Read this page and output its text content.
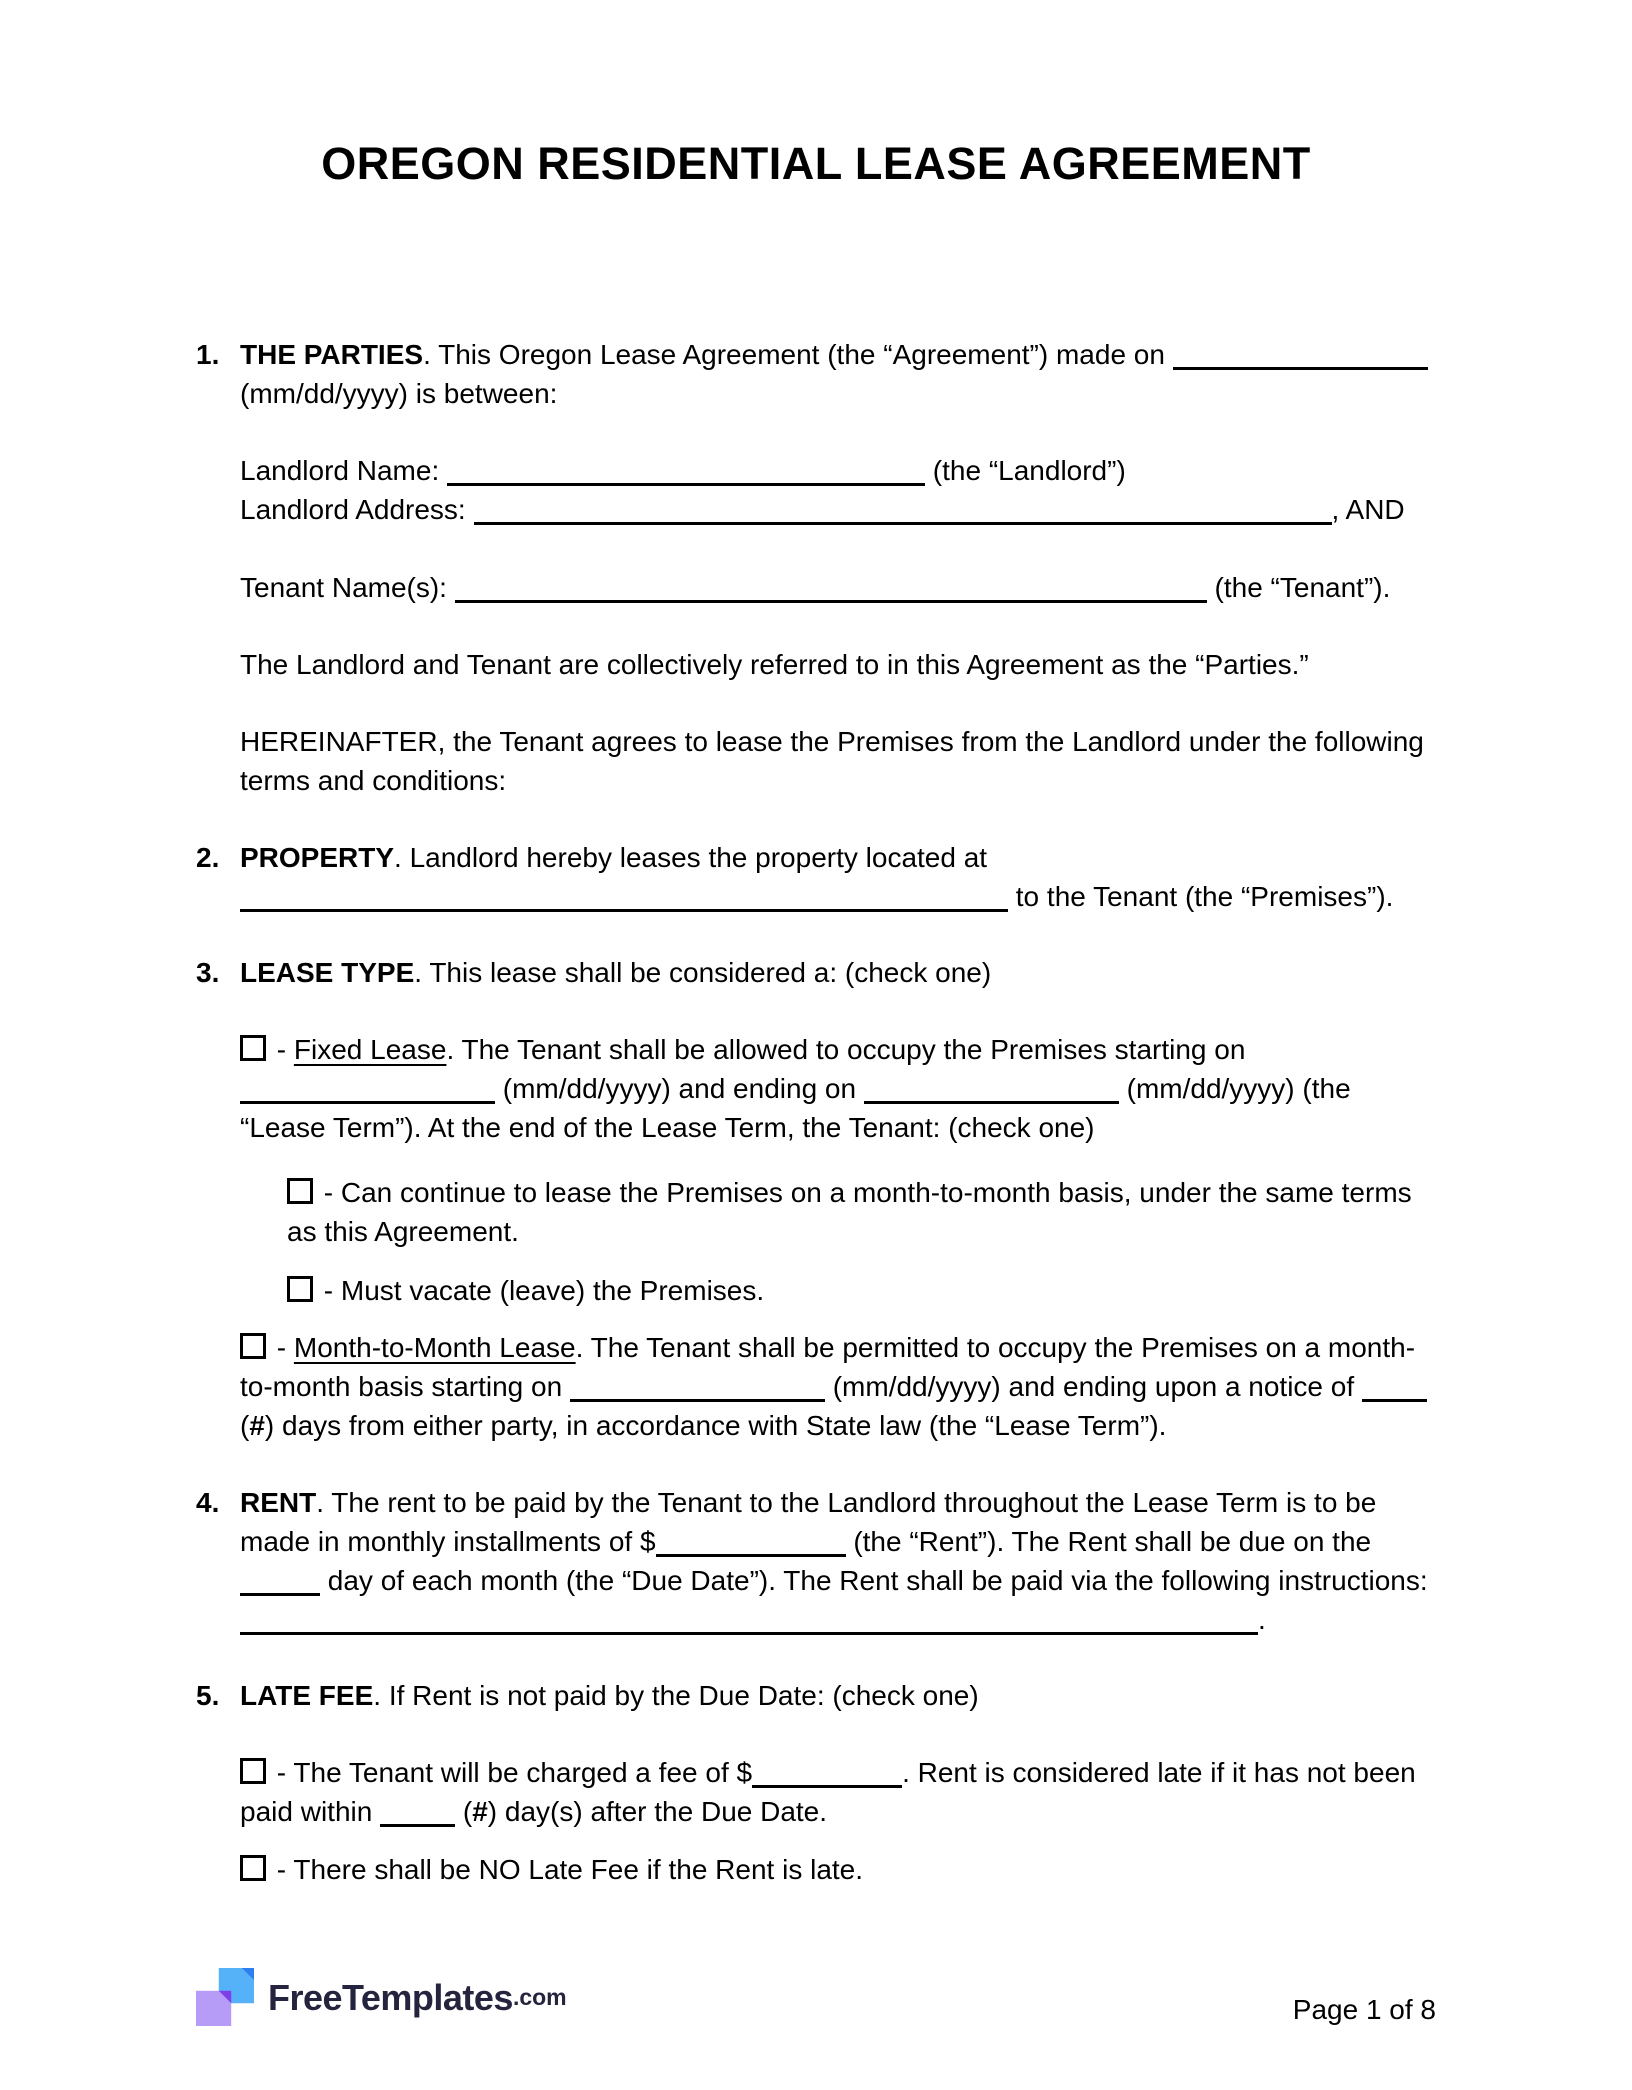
OREGON RESIDENTIAL LEASE AGREEMENT
1. THE PARTIES. This Oregon Lease Agreement (the “Agreement”) made on  (mm/dd/yyyy) is between:
Landlord Name:	(the “Landlord”)
Landlord Address:	, AND
Tenant Name(s):	(the “Tenant”).
The Landlord and Tenant are collectively referred to in this Agreement as the “Parties.”
HEREINAFTER, the Tenant agrees to lease the Premises from the Landlord under the following terms and conditions:
2. PROPERTY. Landlord hereby leases the property located at  to the Tenant (the “Premises”).
3. LEASE TYPE. This lease shall be considered a: (check one)
- Fixed Lease. The Tenant shall be allowed to occupy the Premises starting on  (mm/dd/yyyy) and ending on	(mm/dd/yyyy) (the “Lease Term”). At the end of the Lease Term, the Tenant: (check one)
- Can continue to lease the Premises on a month-to-month basis, under the same terms as this Agreement.
- Must vacate (leave) the Premises.
- Month-to-Month Lease. The Tenant shall be permitted to occupy the Premises on a month-to-month basis starting on	(mm/dd/yyyy) and ending upon a notice of  (#) days from either party, in accordance with State law (the “Lease Term”).
4. RENT. The rent to be paid by the Tenant to the Landlord throughout the Lease Term is to be made in monthly installments of $	(the “Rent”). The Rent shall be due on the  day of each month (the “Due Date”). The Rent shall be paid via the following instructions: .
5. LATE FEE. If Rent is not paid by the Due Date: (check one)
- The Tenant will be charged a fee of $	. Rent is considered late if it has not been paid within	(#) day(s) after the Due Date.
- There shall be NO Late Fee if the Rent is late.
FreeTemplates .com	Page 1 of 8
